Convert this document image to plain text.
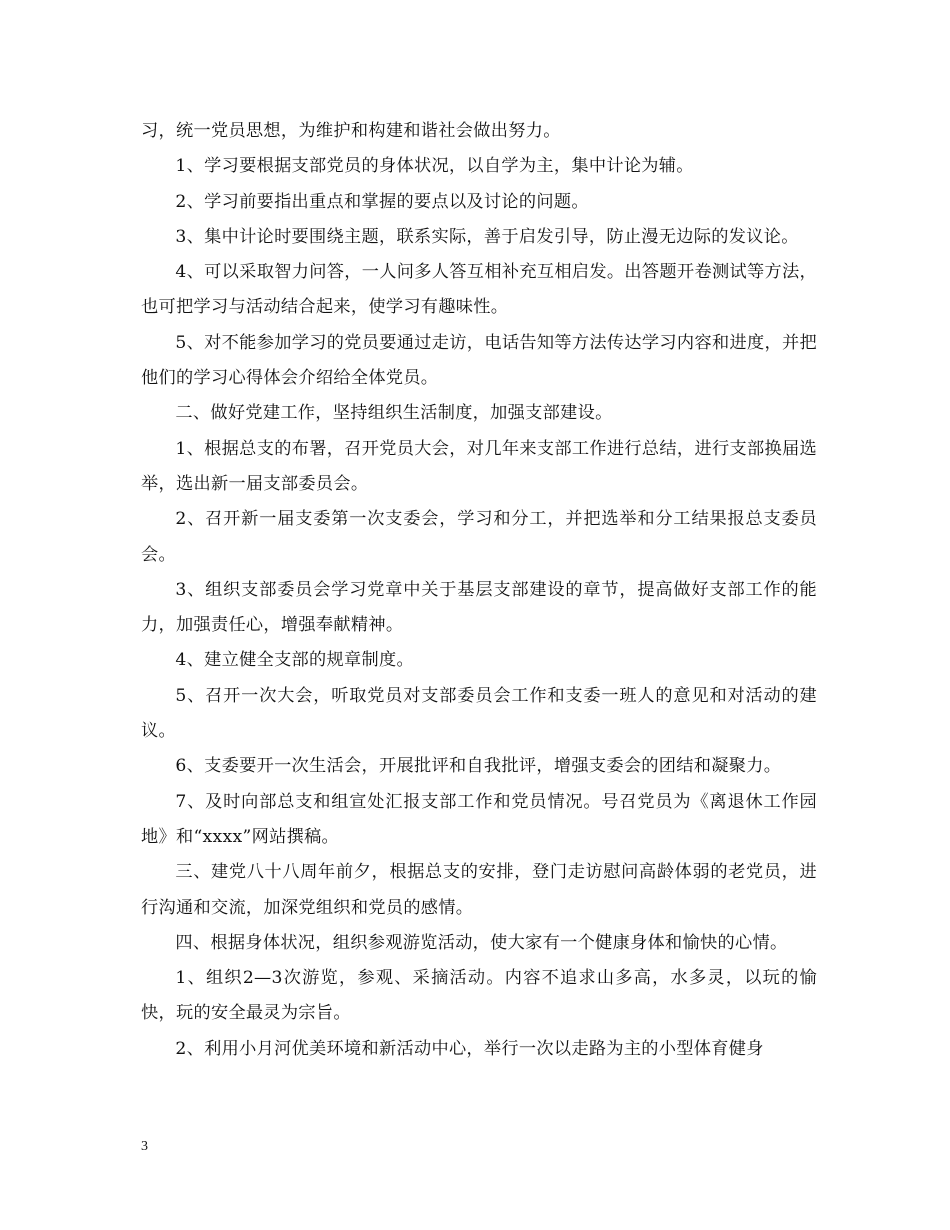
习，统一党员思想，为维护和构建和谐社会做出努力。

1、学习要根据支部党员的身体状况，以自学为主，集中计论为辅。

2、学习前要指出重点和掌握的要点以及讨论的问题。

3、集中计论时要围绕主题，联系实际，善于启发引导，防止漫无边际的发议论。

4、可以采取智力问答，一人问多人答互相补充互相启发。出答题开卷测试等方法，也可把学习与活动结合起来，使学习有趣味性。

5、对不能参加学习的党员要通过走访，电话告知等方法传达学习内容和进度，并把他们的学习心得体会介绍给全体党员。

二、做好党建工作，坚持组织生活制度，加强支部建设。

1、根据总支的布署，召开党员大会，对几年来支部工作进行总结，进行支部换届选举，选出新一届支部委员会。

2、召开新一届支委第一次支委会，学习和分工，并把选举和分工结果报总支委员会。

3、组织支部委员会学习党章中关于基层支部建设的章节，提高做好支部工作的能力，加强责任心，增强奉献精神。

4、建立健全支部的规章制度。

5、召开一次大会，听取党员对支部委员会工作和支委一班人的意见和对活动的建议。

6、支委要开一次生活会，开展批评和自我批评，增强支委会的团结和凝聚力。

7、及时向部总支和组宣处汇报支部工作和党员情况。号召党员为《离退休工作园地》和“xxxx”网站撰稿。

三、建党八十八周年前夕，根据总支的安排，登门走访慰问高龄体弱的老党员，进行沟通和交流，加深党组织和党员的感情。

四、根据身体状况，组织参观游览活动，使大家有一个健康身体和愉快的心情。

1、组织2—3次游览，参观、采摘活动。内容不追求山多高，水多灵，以玩的愉快，玩的安全最灵为宗旨。

2、利用小月河优美环境和新活动中心，举行一次以走路为主的小型体育健身

3
